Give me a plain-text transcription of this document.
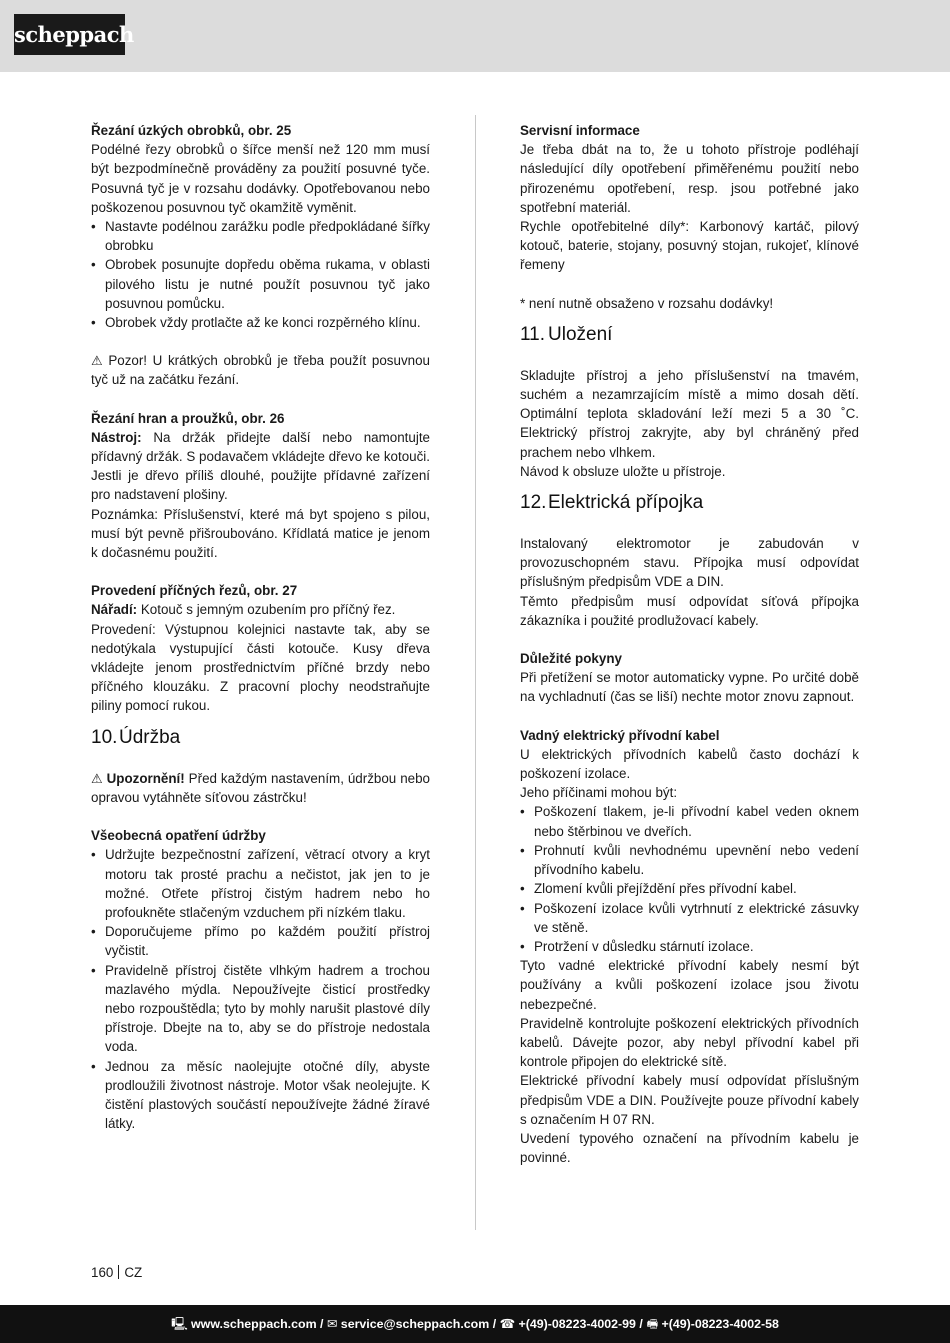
scheppach

Řezání úzkých obrobků, obr. 25

Podélné řezy obrobků o šířce menší než 120 mm musí být bezpodmínečně prováděny za použití posuvné tyče. Posuvná tyč je v rozsahu dodávky. Opotřebovanou nebo poškozenou posuvnou tyč okamžitě vyměnit.

• Nastavte podélnou zarážku podle předpokládané šířky obrobku
• Obrobek posunujte dopředu oběma rukama, v oblasti pilového listu je nutné použít posuvnou tyč jako posuvnou pomůcku.
• Obrobek vždy protlačte až ke konci rozpěrného klínu.

⚠ Pozor! U krátkých obrobků je třeba použít posuvnou tyč už na začátku řezání.

Řezání hran a proužků, obr. 26

Nástroj: Na držák přidejte další nebo namontujte přídavný držák. S podavačem vkládejte dřevo ke kotouči. Jestli je dřevo příliš dlouhé, použijte přídavné zařízení pro nadstavení plošiny.

Poznámka: Příslušenství, které má byt spojeno s pilou, musí být pevně přišroubováno. Křídlatá matice je jenom k dočasnému použití.

Provedení příčných řezů, obr. 27

Nářadí: Kotouč s jemným ozubením pro příčný řez.

Provedení: Výstupnou kolejnici nastavte tak, aby se nedotýkala vystupující části kotouče. Kusy dřeva vkládejte jenom prostřednictvím příčné brzdy nebo příčného klouzáku. Z pracovní plochy neodstraňujte piliny pomocí rukou.

10.Údržba

⚠ Upozornění! Před každým nastavením, údržbou nebo opravou vytáhněte síťovou zástrčku!

Všeobecná opatření údržby

• Udržujte bezpečnostní zařízení, větrací otvory a kryt motoru tak prosté prachu a nečistot, jak jen to je možné. Otřete přístroj čistým hadrem nebo ho profoukněte stlačeným vzduchem při nízkém tlaku.
• Doporučujeme přímo po každém použití přístroj vyčistit.
• Pravidelně přístroj čistěte vlhkým hadrem a trochou mazlavého mýdla. Nepoužívejte čisticí prostředky nebo rozpouštědla; tyto by mohly narušit plastové díly přístroje. Dbejte na to, aby se do přístroje nedostala voda.
• Jednou za měsíc naolejujte otočné díly, abyste prodloužili životnost nástroje. Motor však neolejujte. K čistění plastových součástí nepoužívejte žádné žíravé látky.

Servisní informace

Je třeba dbát na to, že u tohoto přístroje podléhají následující díly opotřebení přiměřenému použití nebo přirozenému opotřebení, resp. jsou potřebné jako spotřební materiál.

Rychle opotřebitelné díly*: Karbonový kartáč, pilový kotouč, baterie, stojany, posuvný stojan, rukojeť, klínové řemeny

* není nutně obsaženo v rozsahu dodávky!

11. Uložení

Skladujte přístroj a jeho příslušenství na tmavém, suchém a nezamrzajícím místě a mimo dosah dětí. Optimální teplota skladování leží mezi 5 a 30 ˚C. Elektrický přístroj zakryjte, aby byl chráněný před prachem nebo vlhkem.

Návod k obsluze uložte u přístroje.

12.Elektrická přípojka

Instalovaný elektromotor je zabudován v provozuschopném stavu. Přípojka musí odpovídat příslušným předpisům VDE a DIN.

Těmto předpisům musí odpovídat síťová přípojka zákazníka i použité prodlužovací kabely.

Důležité pokyny

Při přetížení se motor automaticky vypne. Po určité době na vychladnutí (čas se liší) nechte motor znovu zapnout.

Vadný elektrický přívodní kabel

U elektrických přívodních kabelů často dochází k poškození izolace.

Jeho příčinami mohou být:

• Poškození tlakem, je-li přívodní kabel veden oknem nebo štěrbinou ve dveřích.
• Prohnutí kvůli nevhodnému upevnění nebo vedení přívodního kabelu.
• Zlomení kvůli přejíždění přes přívodní kabel.
• Poškození izolace kvůli vytrhnutí z elektrické zásuvky ve stěně.
• Protržení v důsledku stárnutí izolace.

Tyto vadné elektrické přívodní kabely nesmí být používány a kvůli poškození izolace jsou životu nebezpečné.

Pravidelně kontrolujte poškození elektrických přívodních kabelů. Dávejte pozor, aby nebyl přívodní kabel při kontrole připojen do elektrické sítě.

Elektrické přívodní kabely musí odpovídat příslušným předpisům VDE a DIN. Používejte pouze přívodní kabely s označením H 07 RN.

Uvedení typového označení na přívodním kabelu je povinné.

160 CZ
🖳 www.scheppach.com / ✉ service@scheppach.com / ☎ +(49)-08223-4002-99 / 🖷 +(49)-08223-4002-58
